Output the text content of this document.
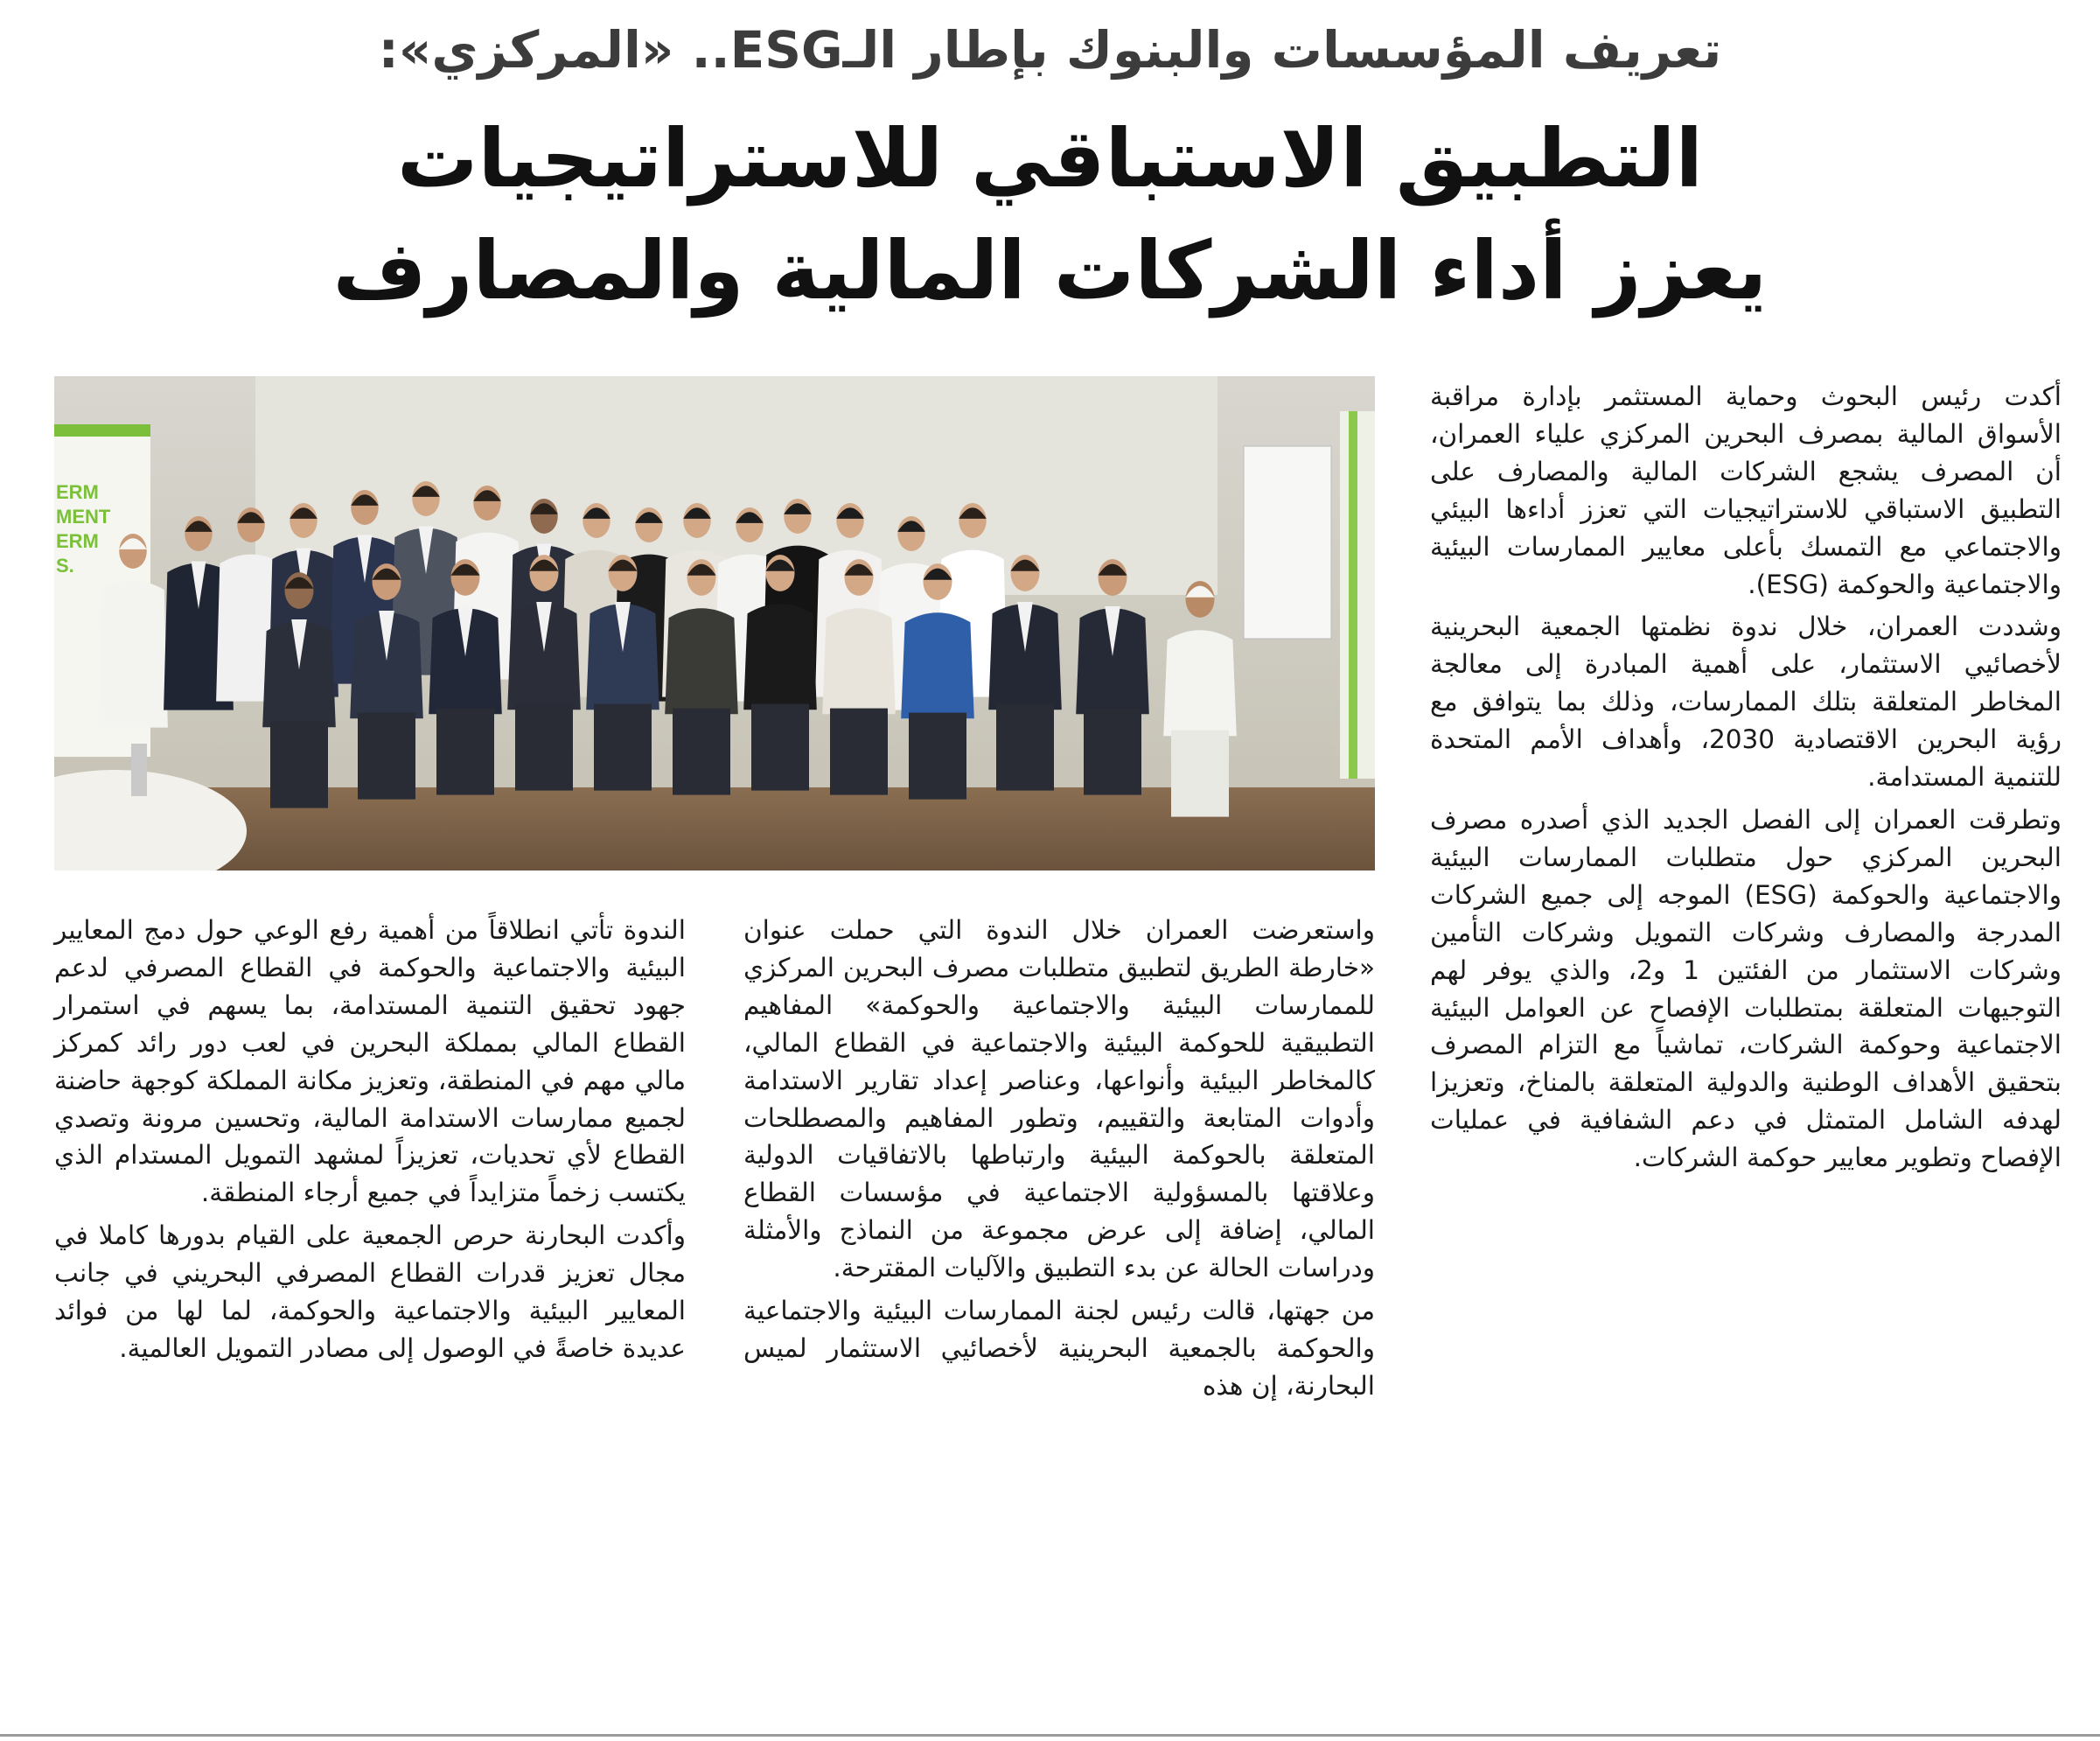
تعريف المؤسسات والبنوك بإطار الـESG.. «المركزي»:
التطبيق الاستباقي للاستراتيجيات
يعزز أداء الشركات المالية والمصارف
ERM
MENT
ERM
S.

أكدت رئيس البحوث وحماية المستثمر بإدارة مراقبة الأسواق المالية بمصرف البحرين المركزي علياء العمران، أن المصرف يشجع الشركات المالية والمصارف على التطبيق الاستباقي للاستراتيجيات التي تعزز أداءها البيئي والاجتماعي مع التمسك بأعلى معايير الممارسات البيئية والاجتماعية والحوكمة (ESG).

وشددت العمران، خلال ندوة نظمتها الجمعية البحرينية لأخصائيي الاستثمار، على أهمية المبادرة إلى معالجة المخاطر المتعلقة بتلك الممارسات، وذلك بما يتوافق مع رؤية البحرين الاقتصادية 2030، وأهداف الأمم المتحدة للتنمية المستدامة.

وتطرقت العمران إلى الفصل الجديد الذي أصدره مصرف البحرين المركزي حول متطلبات الممارسات البيئية والاجتماعية والحوكمة (ESG) الموجه إلى جميع الشركات المدرجة والمصارف وشركات التمويل وشركات التأمين وشركات الاستثمار من الفئتين 1 و2، والذي يوفر لهم التوجيهات المتعلقة بمتطلبات الإفصاح عن العوامل البيئية الاجتماعية وحوكمة الشركات، تماشياً مع التزام المصرف بتحقيق الأهداف الوطنية والدولية المتعلقة بالمناخ، وتعزيزا لهدفه الشامل المتمثل في دعم الشفافية في عمليات الإفصاح وتطوير معايير حوكمة الشركات.

واستعرضت العمران خلال الندوة التي حملت عنوان «خارطة الطريق لتطبيق متطلبات مصرف البحرين المركزي للممارسات البيئية والاجتماعية والحوكمة» المفاهيم التطبيقية للحوكمة البيئية والاجتماعية في القطاع المالي، كالمخاطر البيئية وأنواعها، وعناصر إعداد تقارير الاستدامة وأدوات المتابعة والتقييم، وتطور المفاهيم والمصطلحات المتعلقة بالحوكمة البيئية وارتباطها بالاتفاقيات الدولية وعلاقتها بالمسؤولية الاجتماعية في مؤسسات القطاع المالي، إضافة إلى عرض مجموعة من النماذج والأمثلة ودراسات الحالة عن بدء التطبيق والآليات المقترحة.

من جهتها، قالت رئيس لجنة الممارسات البيئية والاجتماعية والحوكمة بالجمعية البحرينية لأخصائيي الاستثمار لميس البحارنة، إن هذه

الندوة تأتي انطلاقاً من أهمية رفع الوعي حول دمج المعايير البيئية والاجتماعية والحوكمة في القطاع المصرفي لدعم جهود تحقيق التنمية المستدامة، بما يسهم في استمرار القطاع المالي بمملكة البحرين في لعب دور رائد كمركز مالي مهم في المنطقة، وتعزيز مكانة المملكة كوجهة حاضنة لجميع ممارسات الاستدامة المالية، وتحسين مرونة وتصدي القطاع لأي تحديات، تعزيزاً لمشهد التمويل المستدام الذي يكتسب زخماً متزايداً في جميع أرجاء المنطقة.

وأكدت البحارنة حرص الجمعية على القيام بدورها كاملا في مجال تعزيز قدرات القطاع المصرفي البحريني في جانب المعايير البيئية والاجتماعية والحوكمة، لما لها من فوائد عديدة خاصةً في الوصول إلى مصادر التمويل العالمية.
